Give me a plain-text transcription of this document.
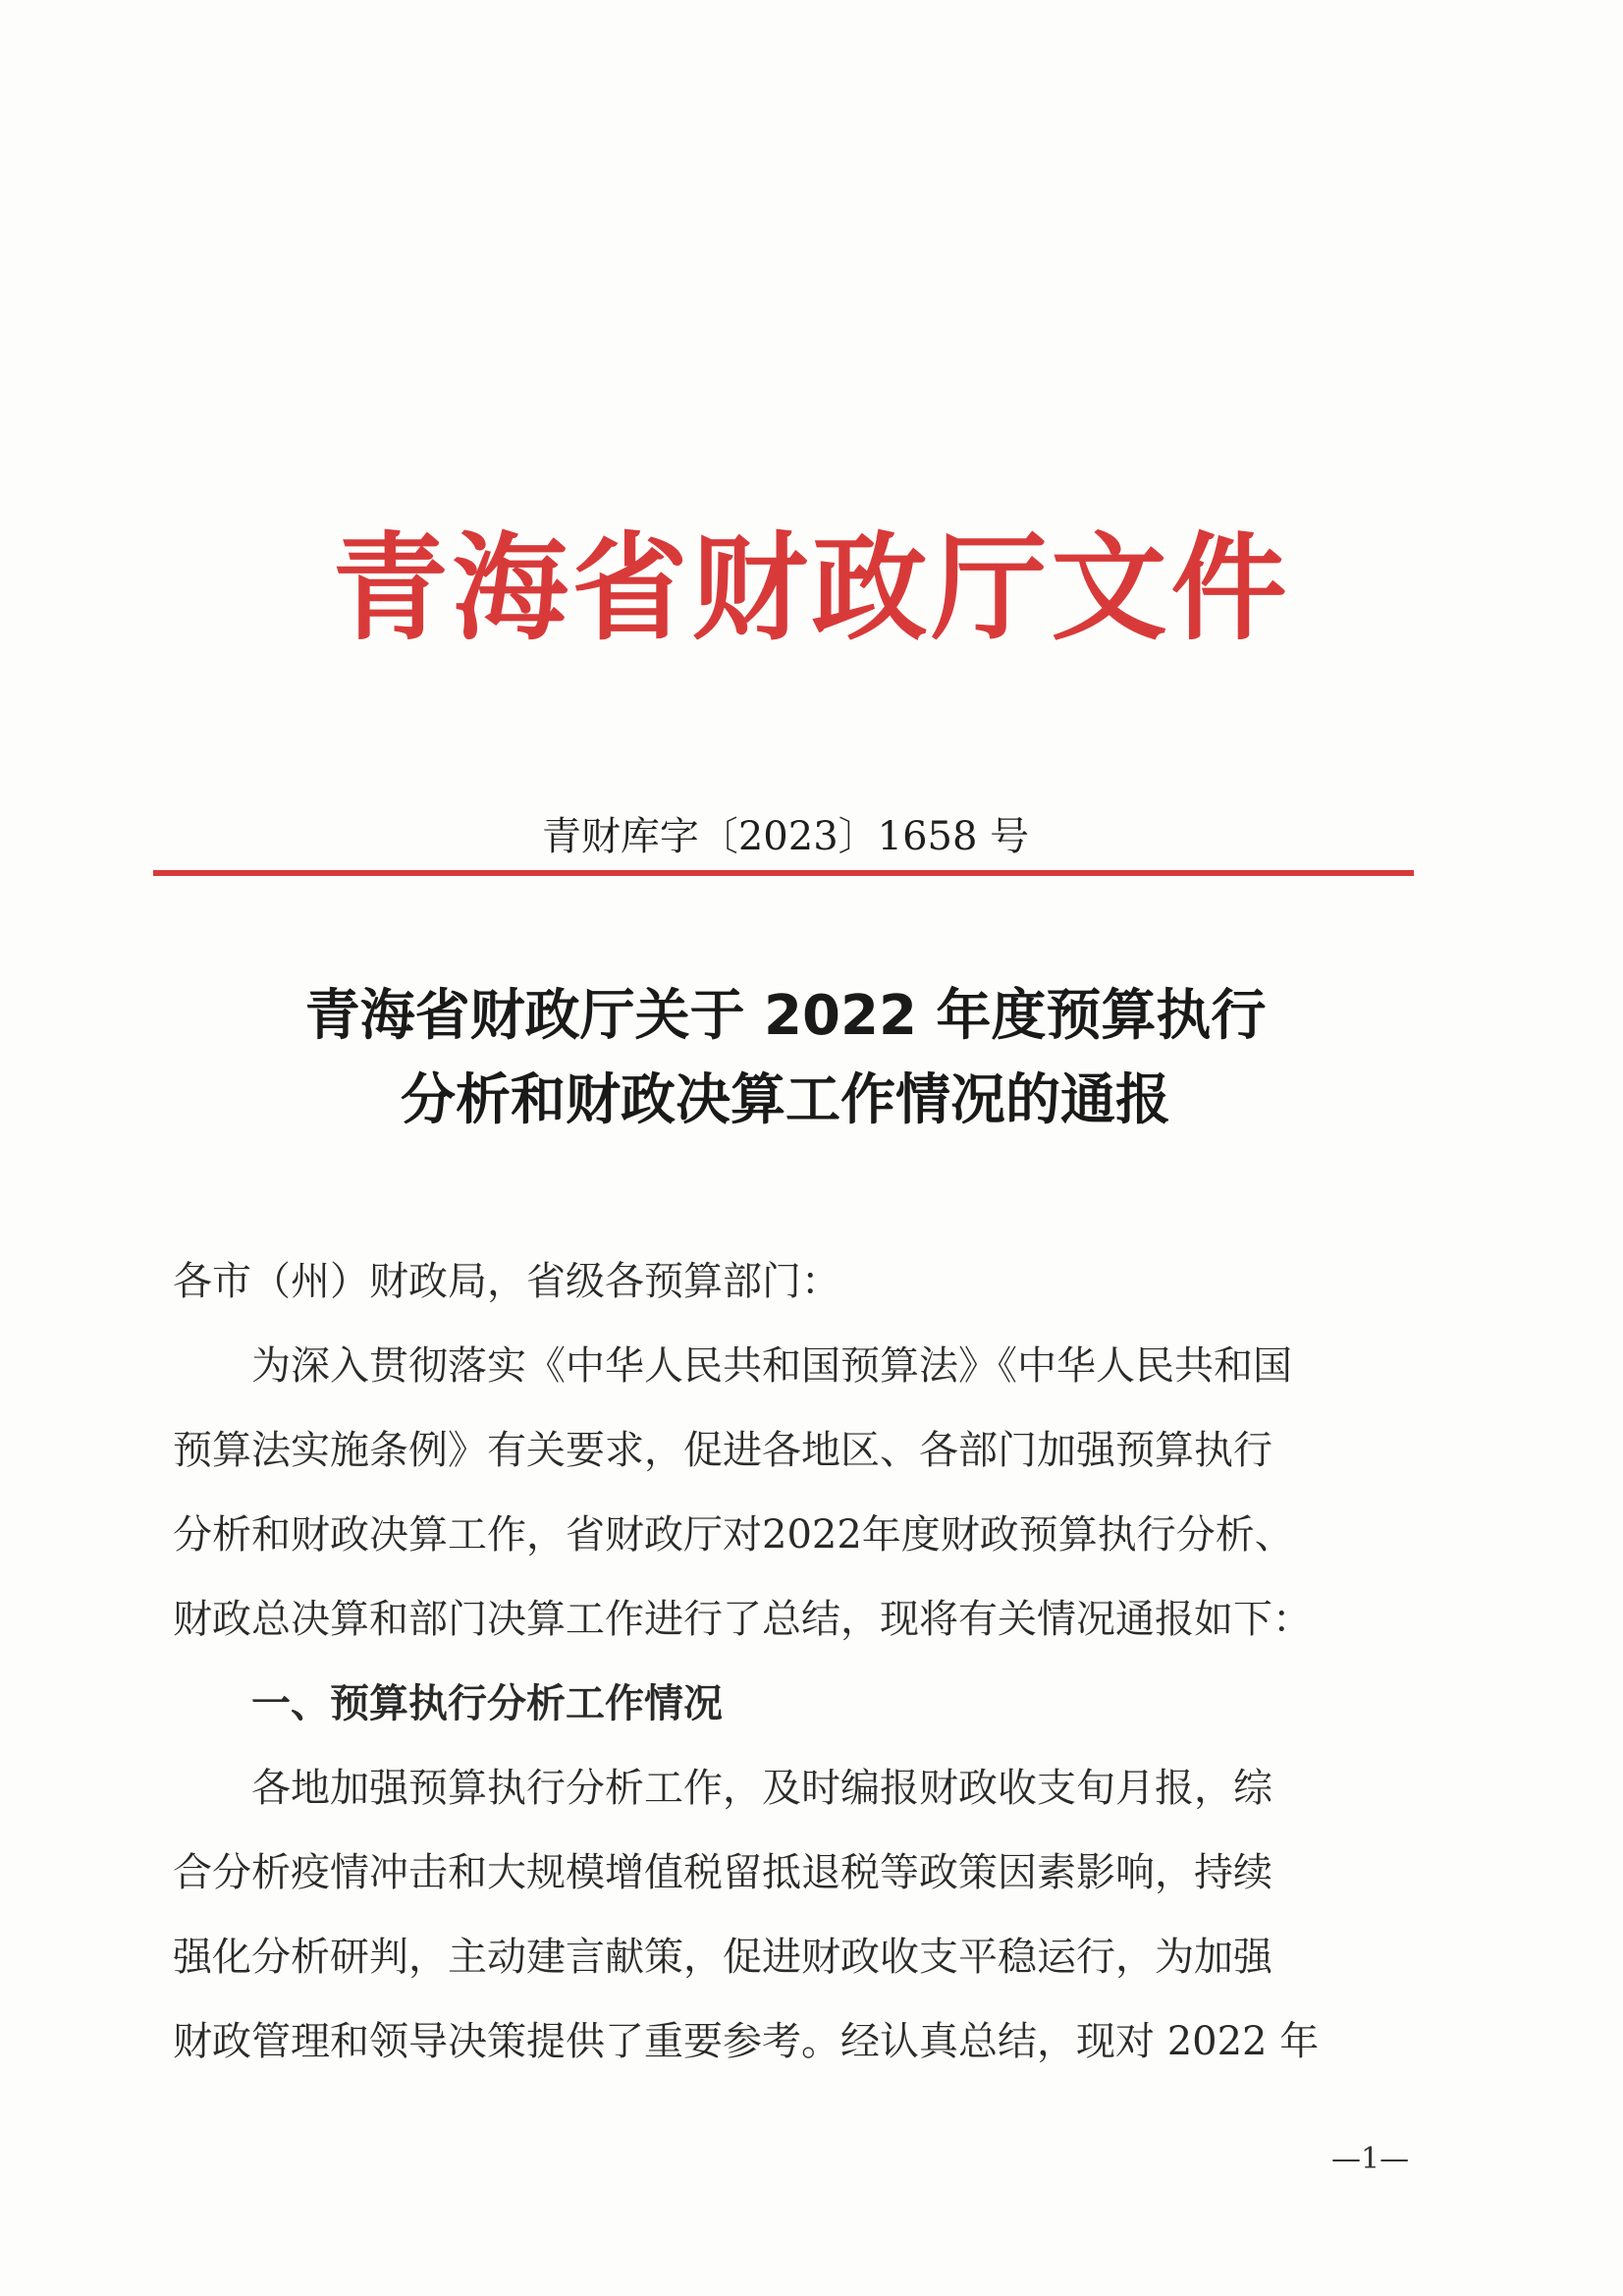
青海省财政厅文件
青财库字〔2023〕1658 号
青海省财政厅关于 2022 年度预算执行
分析和财政决算工作情况的通报

各市（州）财政局，省级各预算部门：

为深入贯彻落实《中华人民共和国预算法》《中华人民共和国

预算法实施条例》有关要求，促进各地区、各部门加强预算执行

分析和财政决算工作，省财政厅对2022年度财政预算执行分析、

财政总决算和部门决算工作进行了总结，现将有关情况通报如下：

一、预算执行分析工作情况

各地加强预算执行分析工作，及时编报财政收支旬月报，综

合分析疫情冲击和大规模增值税留抵退税等政策因素影响，持续

强化分析研判，主动建言献策，促进财政收支平稳运行，为加强

财政管理和领导决策提供了重要参考。经认真总结，现对 2022 年

—1—
